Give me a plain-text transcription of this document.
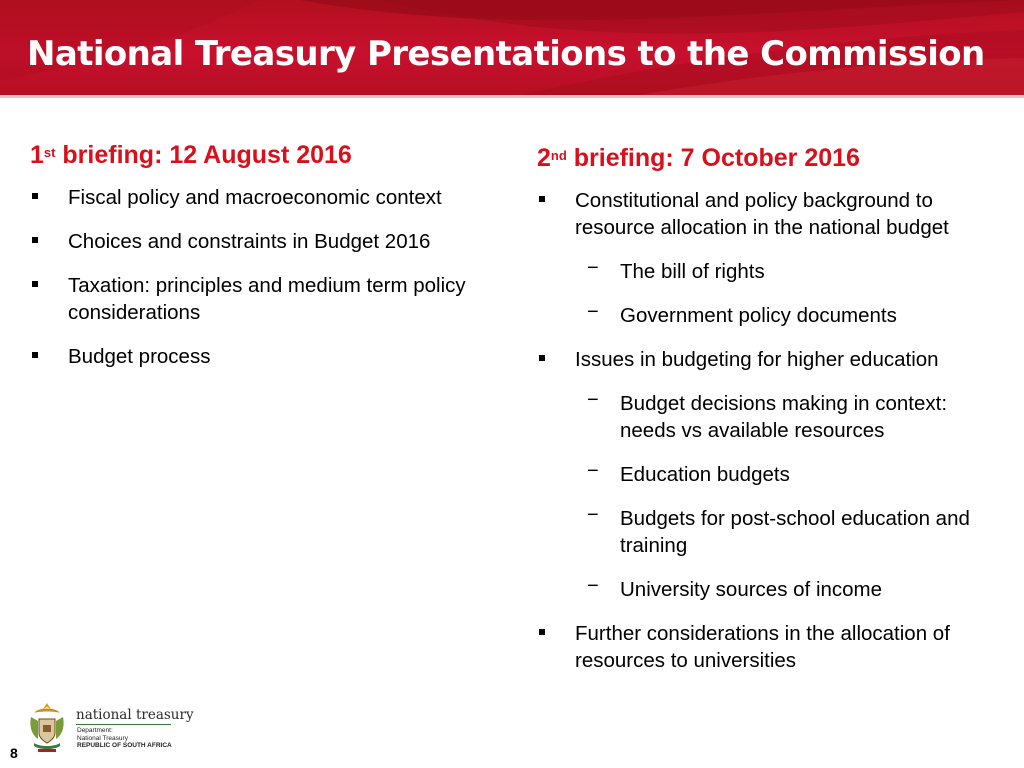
National Treasury Presentations to the Commission
1st briefing: 12 August 2016
Fiscal policy and macroeconomic context
Choices and constraints in Budget 2016
Taxation: principles and medium term policy considerations
Budget process
2nd briefing: 7 October 2016
Constitutional and policy background to resource allocation in the national budget
− The bill of rights
− Government policy documents
Issues in budgeting for higher education
− Budget decisions making in context: needs vs available resources
− Education budgets
− Budgets for post-school education and training
− University sources of income
Further considerations in the allocation of resources to universities
national treasury
Department:
National Treasury
REPUBLIC OF SOUTH AFRICA
8
